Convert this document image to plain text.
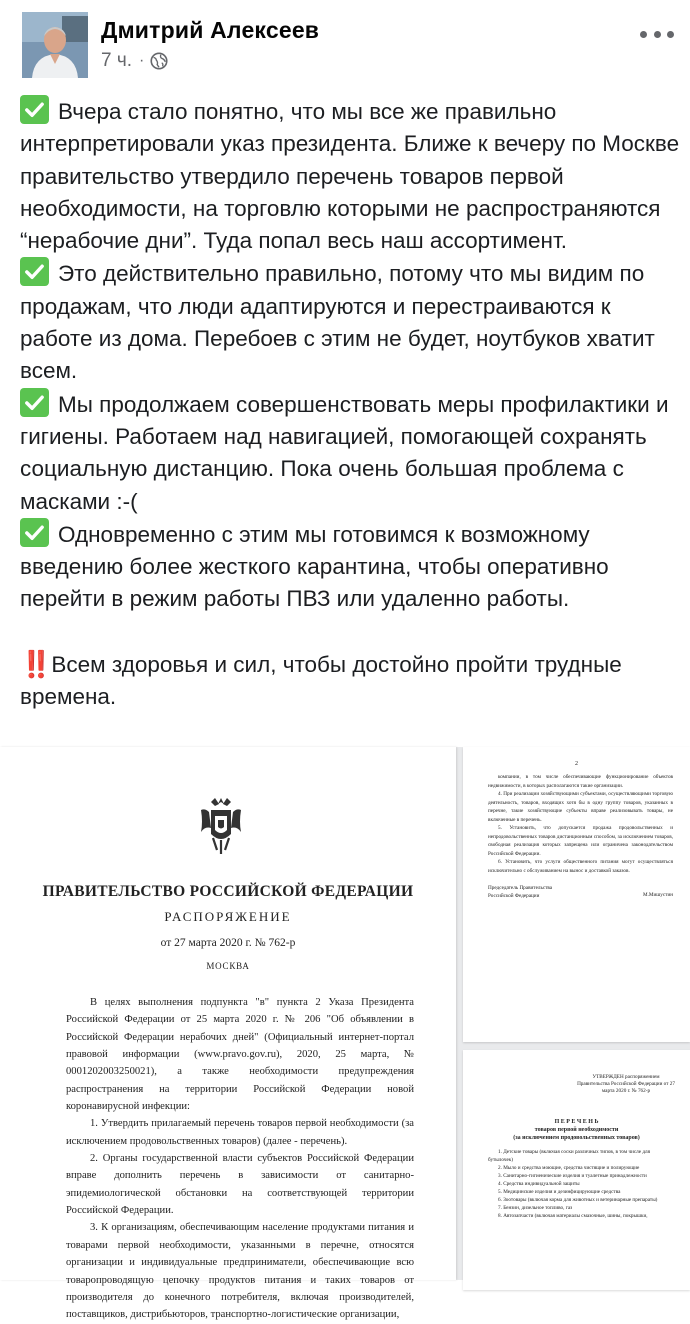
Дмитрий Алексеев
7 ч. ·

Вчера стало понятно, что мы все же правильно интерпретировали указ президента. Ближе к вечеру по Москве правительство утвердило перечень товаров первой необходимости, на торговлю которыми не распространяются “нерабочие дни”. Туда попал весь наш ассортимент.

Это действительно правильно, потому что мы видим по продажам, что люди адаптируются и перестраиваются к работе из дома. Перебоев с этим не будет, ноутбуков хватит всем.

Мы продолжаем совершенствовать меры профилактики и гигиены. Работаем над навигацией, помогающей сохранять социальную дистанцию. Пока очень большая проблема с масками :-(

Одновременно с этим мы готовимся к возможному введению более жесткого карантина, чтобы оперативно перейти в режим работы ПВЗ или удаленно работы.

‼️ Всем здоровья и сил, чтобы достойно пройти трудные времена.

ПРАВИТЕЛЬСТВО РОССИЙСКОЙ ФЕДЕРАЦИИ
РАСПОРЯЖЕНИЕ
от 27 марта 2020 г. № 762-р
МОСКВА

В целях выполнения подпункта "в" пункта 2 Указа Президента Российской Федерации от 25 марта 2020 г. № 206 "Об объявлении в Российской Федерации нерабочих дней" (Официальный интернет-портал правовой информации (www.pravo.gov.ru), 2020, 25 марта, № 0001202003250021), а также необходимости предупреждения распространения на территории Российской Федерации новой коронавирусной инфекции:

1. Утвердить прилагаемый перечень товаров первой необходимости (за исключением продовольственных товаров) (далее - перечень).

2. Органы государственной власти субъектов Российской Федерации вправе дополнить перечень в зависимости от санитарно-эпидемиологической обстановки на соответствующей территории Российской Федерации.

3. К организациям, обеспечивающим население продуктами питания и товарами первой необходимости, указанными в перечне, относятся организации и индивидуальные предприниматели, обеспечивающие всю товаропроводящую цепочку продуктов питания и таких товаров от производителя до конечного потребителя, включая производителей, поставщиков, дистрибьюторов, транспортно-логистические организации,

2

компании, в том числе обеспечивающие функционирование объектов недвижимости, в которых располагаются такие организации.

4. При реализации хозяйствующими субъектами, осуществляющими торговую деятельность, товаров, входящих хотя бы в одну группу товаров, указанных в перечне, такие хозяйствующие субъекты вправе реализовывать товары, не включенные в перечень.

5. Установить, что допускается продажа продовольственных и непродовольственных товаров дистанционным способом, за исключением товаров, свободная реализация которых запрещена или ограничена законодательством Российской Федерации.

6. Установить, что услуги общественного питания могут осуществляться исключительно с обслуживанием на вынос и доставкой заказов.

Председатель Правительства Российской Федерации	М.Мишустин
УТВЕРЖДЕН распоряжением Правительства Российской Федерации от 27 марта 2020 г. № 762-р
П Е Р Е Ч Е Н Ь
товаров первой необходимости
(за исключением продовольственных товаров)

1. Детские товары (включая соски различных типов, в том числе для бутылочек)

2. Мыло и средства моющие, средства чистящие и полирующие

3. Санитарно-гигиенические изделия и туалетные принадлежности

4. Средства индивидуальной защиты

5. Медицинские изделия и дезинфицирующие средства

6. Зоотовары (включая корма для животных и ветеринарные препараты)

7. Бензин, дизельное топливо, газ

8. Автозапчасти (включая материалы смазочные, шины, покрышки,
